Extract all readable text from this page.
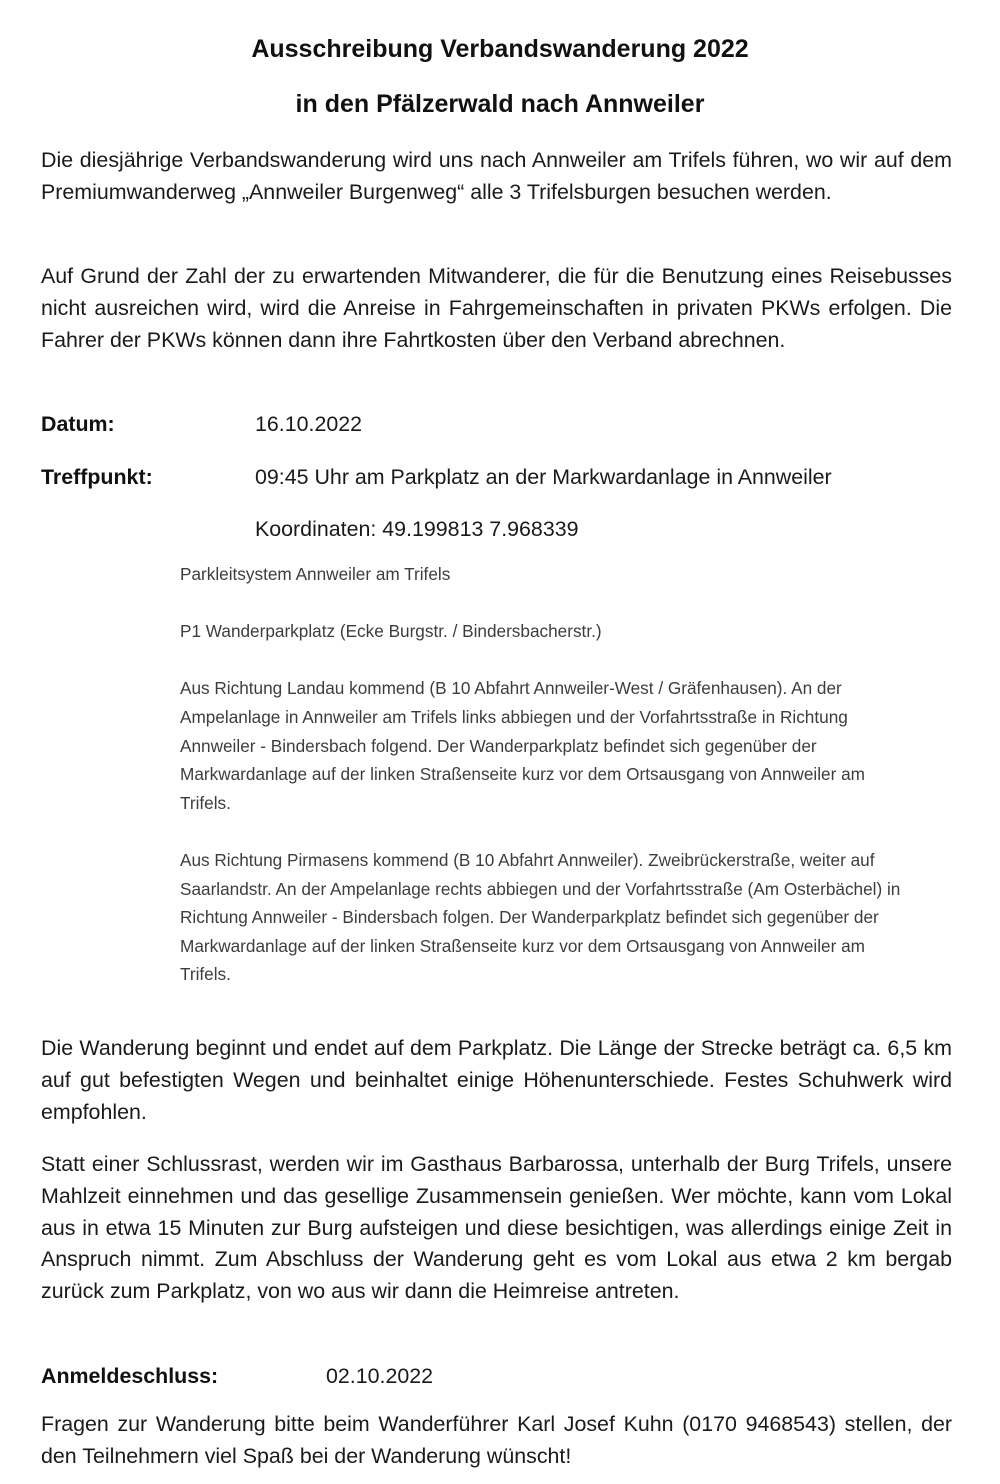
Ausschreibung Verbandswanderung 2022
in den Pfälzerwald nach Annweiler

Die diesjährige Verbandswanderung wird uns nach Annweiler am Trifels führen, wo wir auf dem Premiumwanderweg „Annweiler Burgenweg“ alle 3 Trifelsburgen besuchen werden.

Auf Grund der Zahl der zu erwartenden Mitwanderer, die für die Benutzung eines Reisebusses nicht ausreichen wird, wird die Anreise in Fahrgemeinschaften in privaten PKWs erfolgen. Die Fahrer der PKWs können dann ihre Fahrtkosten über den Verband abrechnen.

Datum:	16.10.2022
Treffpunkt:	09:45 Uhr am Parkplatz an der Markwardanlage in Annweiler
Koordinaten: 49.199813 7.968339

Parkleitsystem Annweiler am Trifels

P1 Wanderparkplatz (Ecke Burgstr. / Bindersbacherstr.)

Aus Richtung Landau kommend (B 10 Abfahrt Annweiler-West / Gräfenhausen). An der

Ampelanlage in Annweiler am Trifels links abbiegen und der Vorfahrtsstraße in Richtung

Annweiler - Bindersbach folgend. Der Wanderparkplatz befindet sich gegenüber der

Markwardanlage auf der linken Straßenseite kurz vor dem Ortsausgang von Annweiler am

Trifels.

Aus Richtung Pirmasens kommend (B 10 Abfahrt Annweiler). Zweibrückerstraße, weiter auf

Saarlandstr. An der Ampelanlage rechts abbiegen und der Vorfahrtsstraße (Am Osterbächel) in

Richtung Annweiler - Bindersbach folgen. Der Wanderparkplatz befindet sich gegenüber der

Markwardanlage auf der linken Straßenseite kurz vor dem Ortsausgang von Annweiler am

Trifels.

Die Wanderung beginnt und endet auf dem Parkplatz. Die Länge der Strecke beträgt ca. 6,5 km auf gut befestigten Wegen und beinhaltet einige Höhenunterschiede. Festes Schuhwerk wird empfohlen.

Statt einer Schlussrast, werden wir im Gasthaus Barbarossa, unterhalb der Burg Trifels, unsere Mahlzeit einnehmen und das gesellige Zusammensein genießen. Wer möchte, kann vom Lokal aus in etwa 15 Minuten zur Burg aufsteigen und diese besichtigen, was allerdings einige Zeit in Anspruch nimmt. Zum Abschluss der Wanderung geht es vom Lokal aus etwa 2 km bergab zurück zum Parkplatz, von wo aus wir dann die Heimreise antreten.

Anmeldeschluss:	02.10.2022

Fragen zur Wanderung bitte beim Wanderführer Karl Josef Kuhn (0170 9468543) stellen, der den Teilnehmern viel Spaß bei der Wanderung wünscht!
